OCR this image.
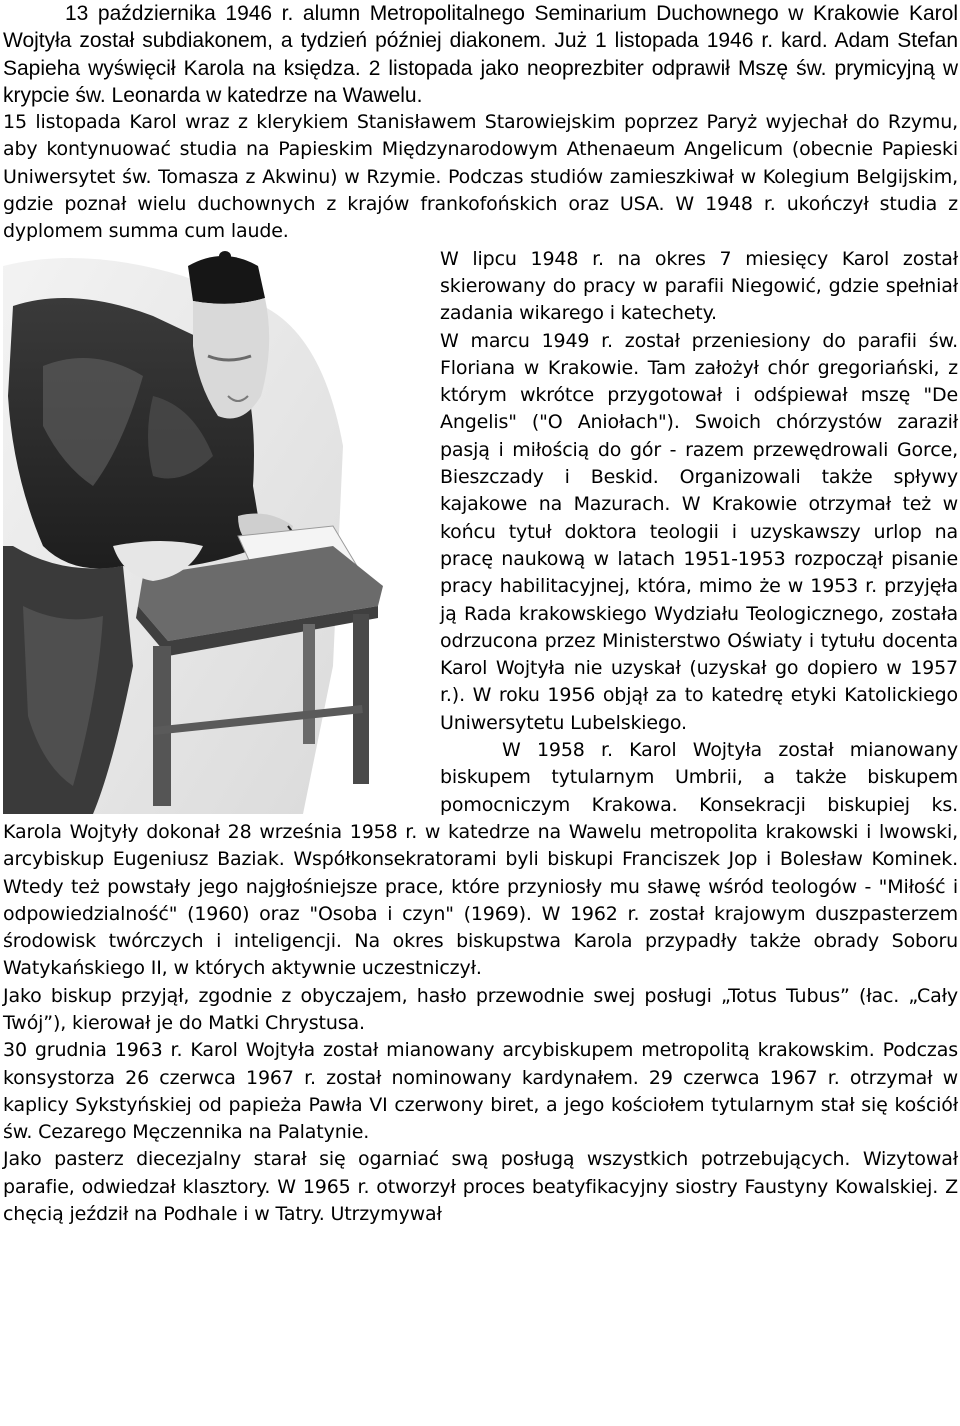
13 października 1946 r. alumn Metropolitalnego Seminarium Duchownego w Krakowie Karol Wojtyła został subdiakonem, a tydzień później diakonem. Już 1 listopada 1946 r. kard. Adam Stefan Sapieha wyświęcił Karola na księdza. 2 listopada jako neoprezbiter odprawił Mszę św. prymicyjną w krypcie św. Leonarda w katedrze na Wawelu.

15 listopada Karol wraz z klerykiem Stanisławem Starowiejskim poprzez Paryż wyjechał do Rzymu, aby kontynuować studia na Papieskim Międzynarodowym Athenaeum Angelicum (obecnie Papieski Uniwersytet św. Tomasza z Akwinu) w Rzymie. Podczas studiów zamieszkiwał w Kolegium Belgijskim, gdzie poznał wielu duchownych z krajów frankofońskich oraz USA. W 1948 r. ukończył studia z dyplomem summa cum laude.

W lipcu 1948 r. na okres 7 miesięcy Karol został skierowany do pracy w parafii Niegowić, gdzie spełniał zadania wikarego i katechety.

W marcu 1949 r. został przeniesiony do parafii św. Floriana w Krakowie. Tam założył chór gregoriański, z którym wkrótce przygotował i odśpiewał mszę "De Angelis" ("O Aniołach"). Swoich chórzystów zaraził pasją i miłością do gór - razem przewędrowali Gorce, Bieszczady i Beskid. Organizowali także spływy kajakowe na Mazurach. W Krakowie otrzymał też w końcu tytuł doktora teologii i uzyskawszy urlop na pracę naukową w latach 1951-1953 rozpoczął pisanie pracy habilitacyjnej, która, mimo że w 1953 r. przyjęła ją Rada krakowskiego Wydziału Teologicznego, została odrzucona przez Ministerstwo Oświaty i tytułu docenta Karol Wojtyła nie uzyskał (uzyskał go dopiero w 1957 r.). W roku 1956 objął za to katedrę etyki Katolickiego Uniwersytetu Lubelskiego.

W 1958 r. Karol Wojtyła został mianowany biskupem tytularnym Umbrii, a także biskupem pomocniczym Krakowa. Konsekracji biskupiej ks. Karola Wojtyły dokonał 28 września 1958 r. w katedrze na Wawelu metropolita krakowski i lwowski, arcybiskup Eugeniusz Baziak. Współkonsekratorami byli biskupi Franciszek Jop i Bolesław Kominek. Wtedy też powstały jego najgłośniejsze prace, które przyniosły mu sławę wśród teologów - "Miłość i odpowiedzialność" (1960) oraz "Osoba i czyn" (1969). W 1962 r. został krajowym duszpasterzem środowisk twórczych i inteligencji. Na okres biskupstwa Karola przypadły także obrady Soboru Watykańskiego II, w których aktywnie uczestniczył.

Jako biskup przyjął, zgodnie z obyczajem, hasło przewodnie swej posługi „Totus Tubus” (łac. „Cały Twój”), kierował je do Matki Chrystusa.

30 grudnia 1963 r. Karol Wojtyła został mianowany arcybiskupem metropolitą krakowskim. Podczas konsystorza 26 czerwca 1967 r. został nominowany kardynałem. 29 czerwca 1967 r. otrzymał w kaplicy Sykstyńskiej od papieża Pawła VI czerwony biret, a jego kościołem tytularnym stał się kościół św. Cezarego Męczennika na Palatynie.

Jako pasterz diecezjalny starał się ogarniać swą posługą wszystkich potrzebujących. Wizytował parafie, odwiedzał klasztory. W 1965 r. otworzył proces beatyfikacyjny siostry Faustyny Kowalskiej. Z chęcią jeździł na Podhale i w Tatry. Utrzymywał
